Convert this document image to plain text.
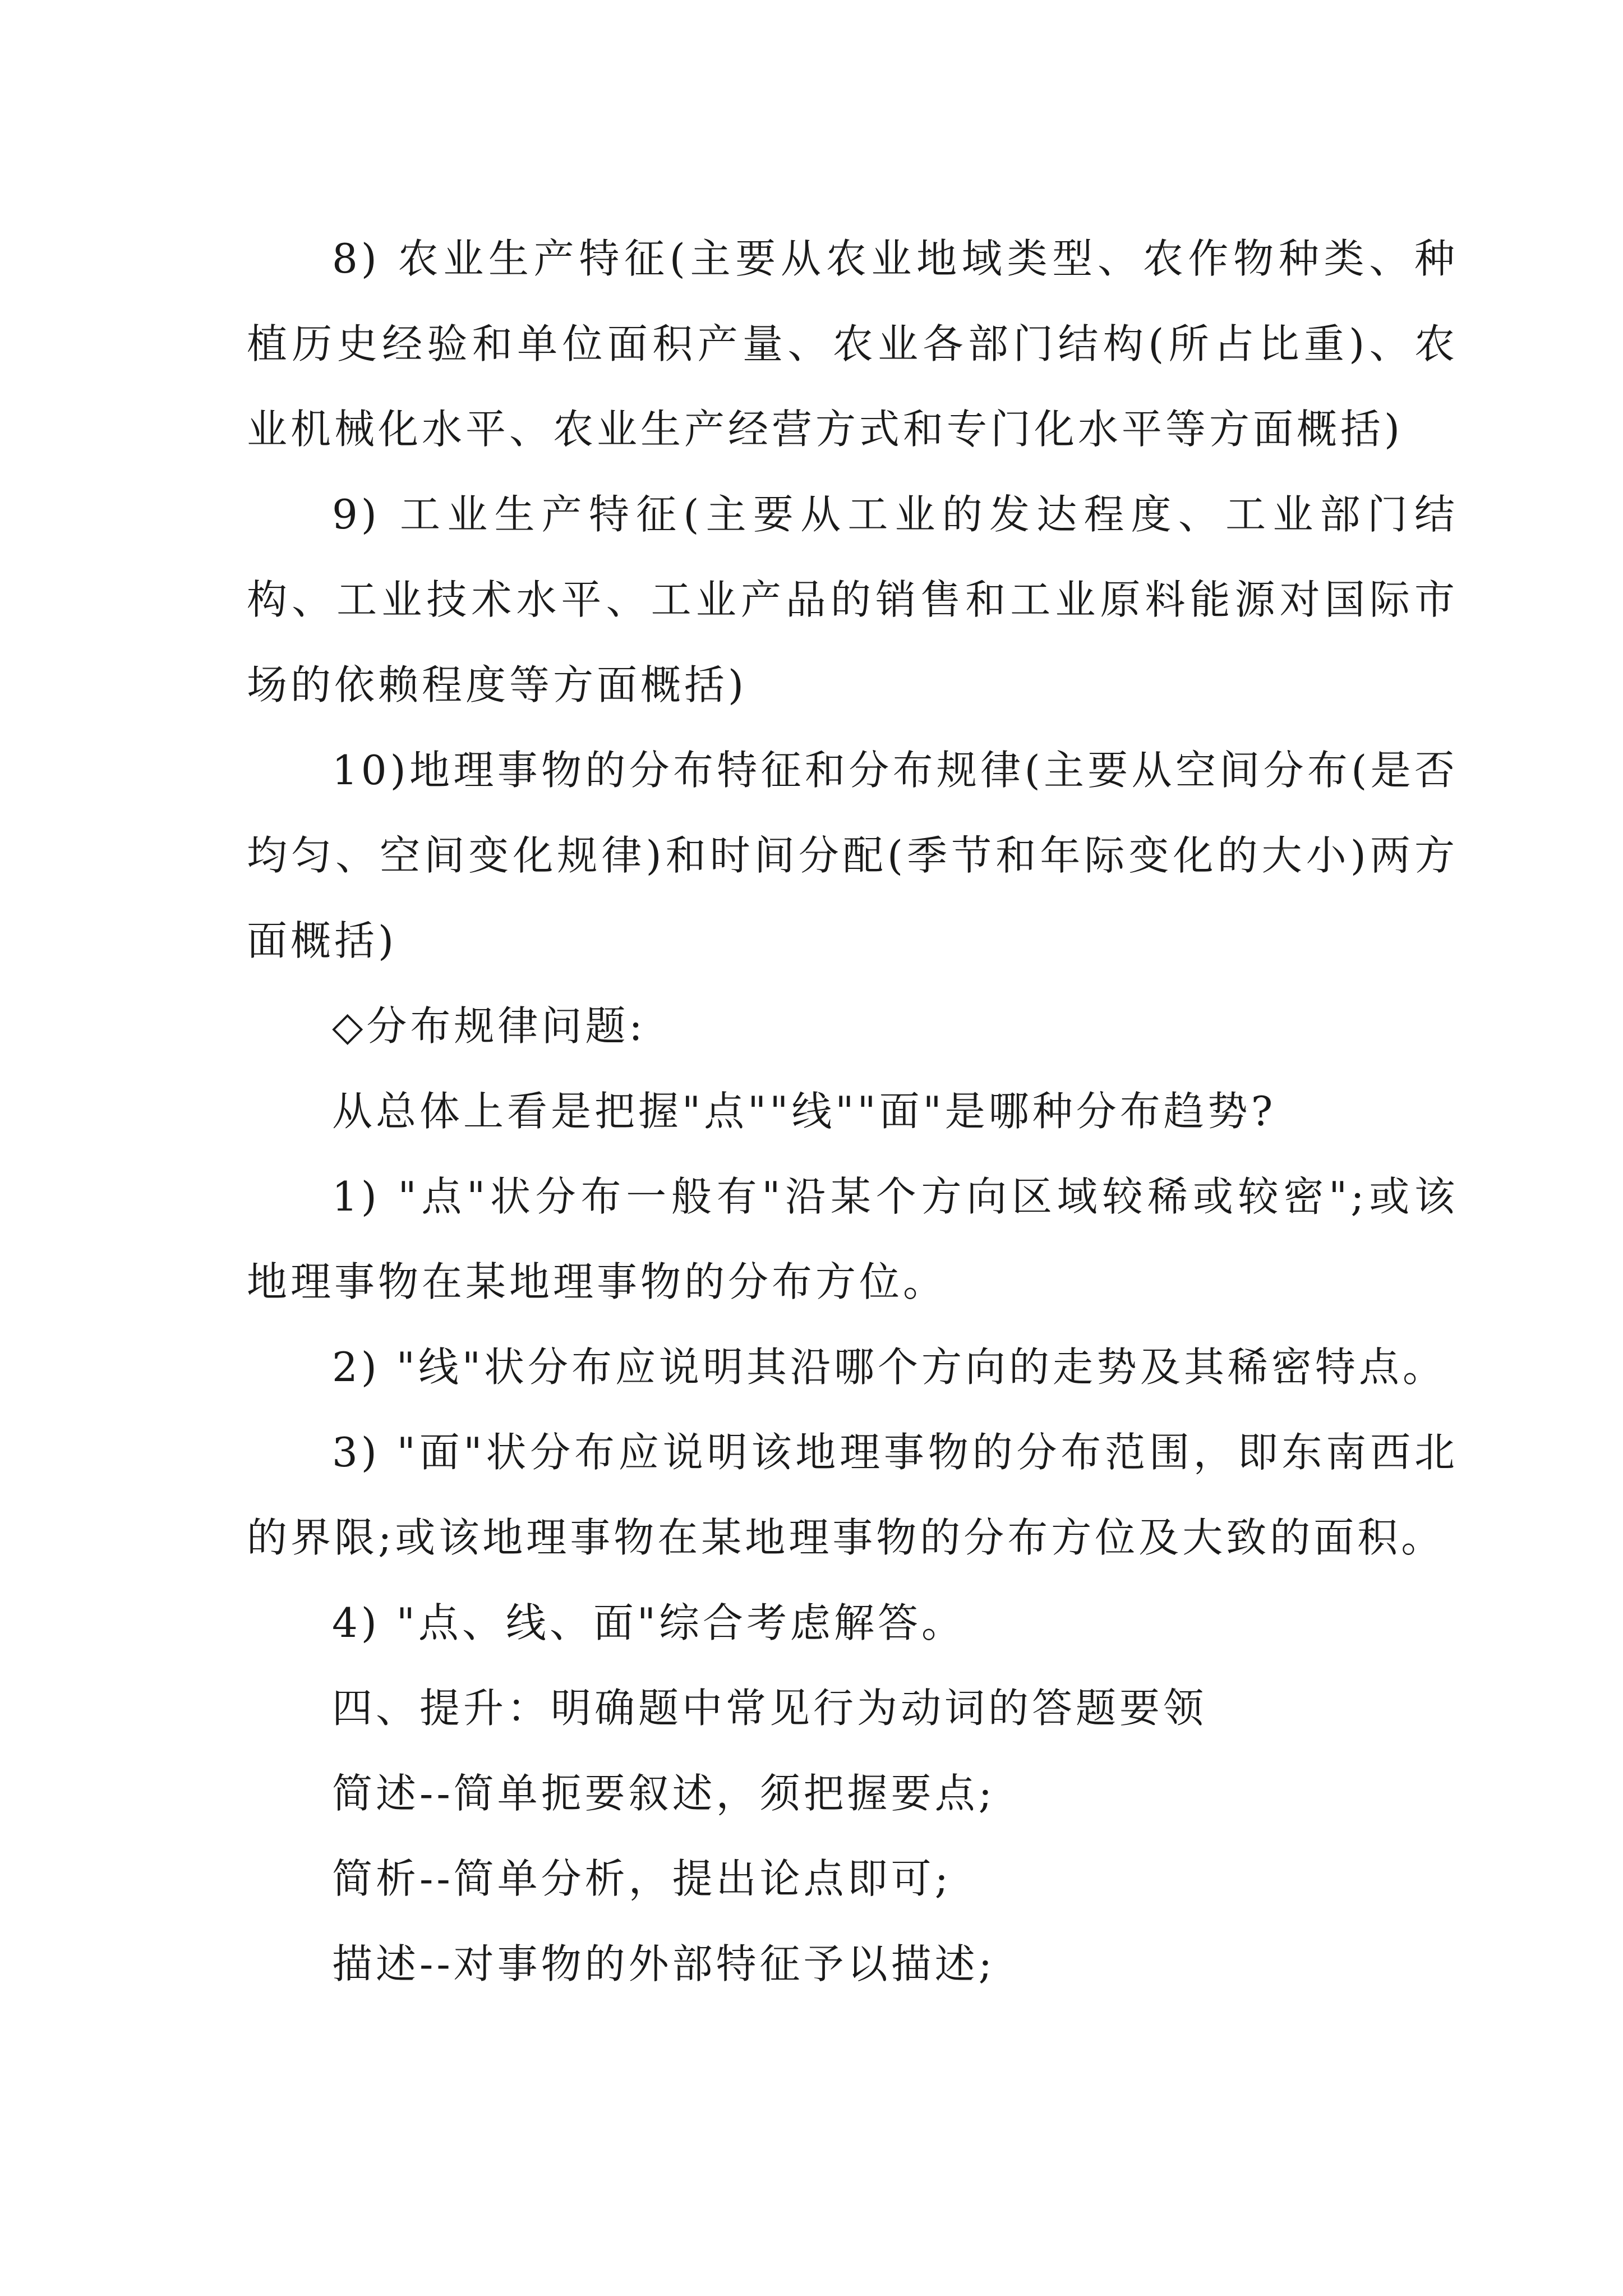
8) 农业生产特征(主要从农业地域类型、农作物种类、种植历史经验和单位面积产量、农业各部门结构(所占比重)、农业机械化水平、农业生产经营方式和专门化水平等方面概括)

9) 工业生产特征(主要从工业的发达程度、工业部门结构、工业技术水平、工业产品的销售和工业原料能源对国际市场的依赖程度等方面概括)

10)地理事物的分布特征和分布规律(主要从空间分布(是否均匀、空间变化规律)和时间分配(季节和年际变化的大小)两方面概括)

◇分布规律问题:

从总体上看是把握"点""线""面"是哪种分布趋势?

1) "点"状分布一般有"沿某个方向区域较稀或较密";或该地理事物在某地理事物的分布方位。

2) "线"状分布应说明其沿哪个方向的走势及其稀密特点。

3) "面"状分布应说明该地理事物的分布范围，即东南西北的界限;或该地理事物在某地理事物的分布方位及大致的面积。

4) "点、线、面"综合考虑解答。

四、提升：明确题中常见行为动词的答题要领

简述--简单扼要叙述，须把握要点;

简析--简单分析，提出论点即可;

描述--对事物的外部特征予以描述;
